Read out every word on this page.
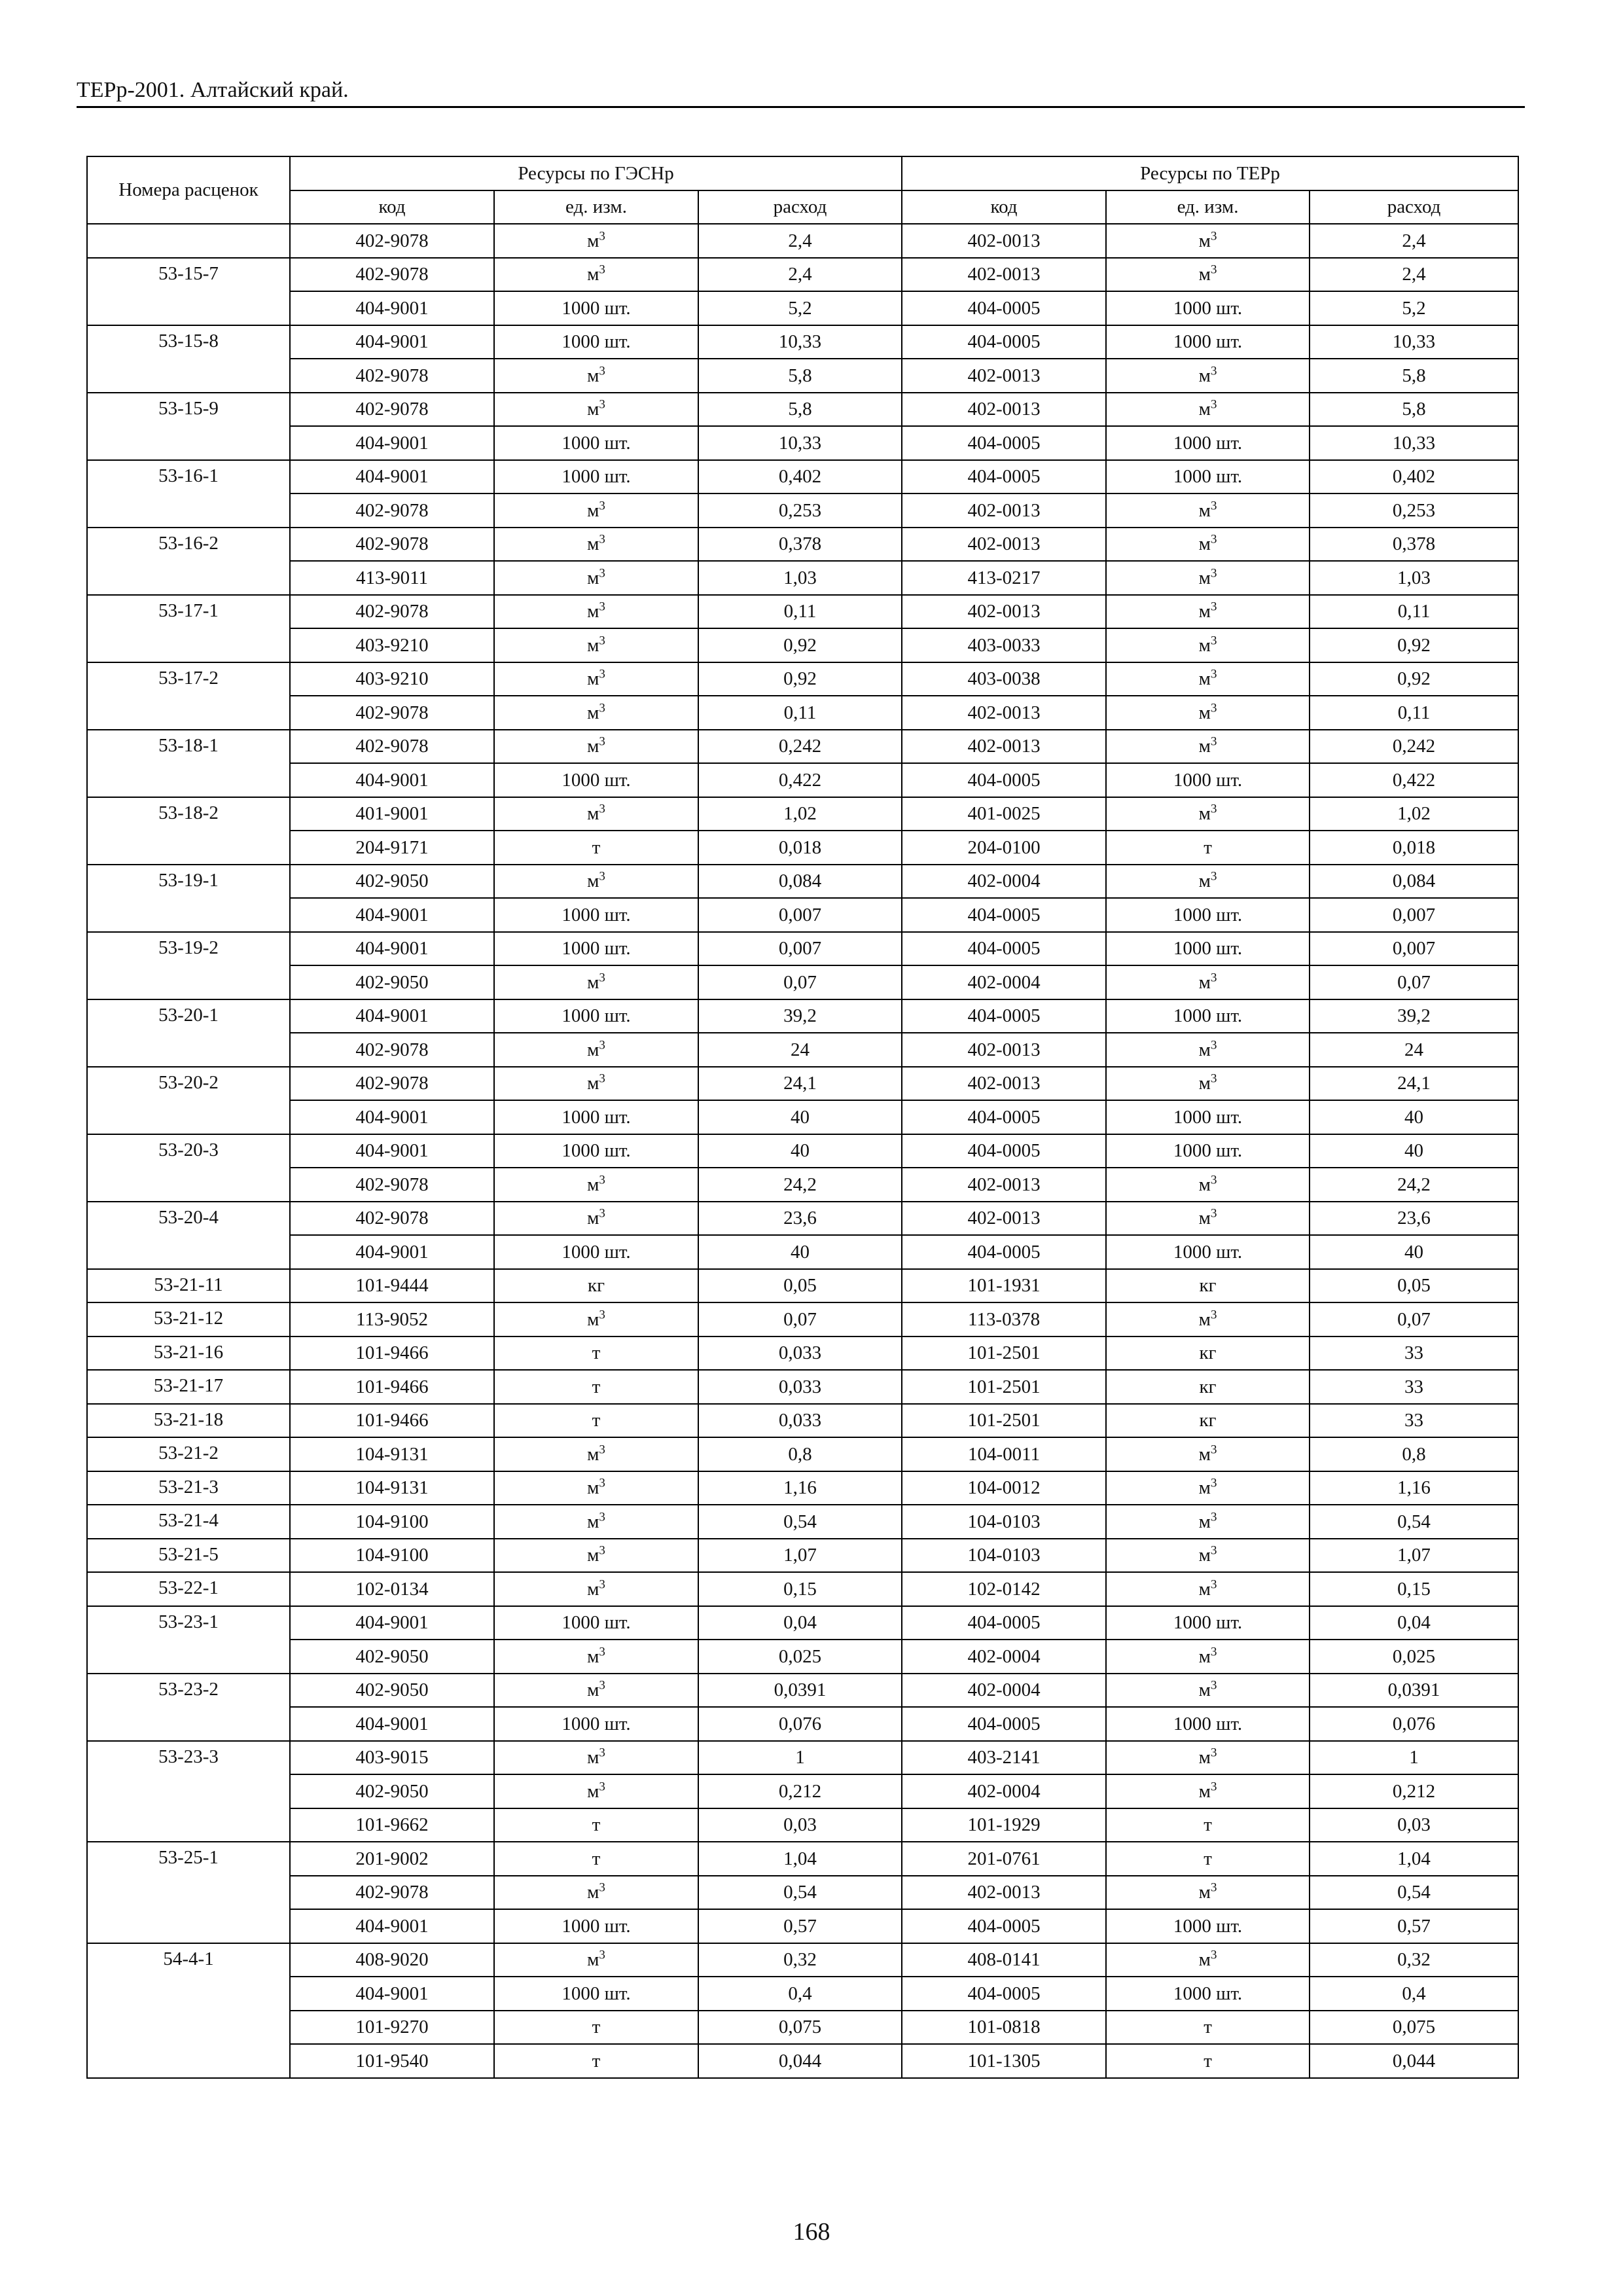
ТЕРр-2001. Алтайский край.
Номера расценок	Ресурсы по ГЭСНр			Ресурсы по ТЕРр		
	код	ед. изм.	расход	код	ед. изм.	расход
	402-9078	$м^3$	2,4	402-0013	$м^3$	2,4
53-15-7	402-9078	$м^3$	2,4	402-0013	$м^3$	2,4
	404-9001	1000 шт.	5,2	404-0005	1000 шт.	5,2
53-15-8	404-9001	1000 шт.	10,33	404-0005	1000 шт.	10,33
	402-9078	$м^3$	5,8	402-0013	$м^3$	5,8
53-15-9	402-9078	$м^3$	5,8	402-0013	$м^3$	5,8
	404-9001	1000 шт.	10,33	404-0005	1000 шт.	10,33
53-16-1	404-9001	1000 шт.	0,402	404-0005	1000 шт.	0,402
	402-9078	$м^3$	0,253	402-0013	$м^3$	0,253
53-16-2	402-9078	$м^3$	0,378	402-0013	$м^3$	0,378
	413-9011	$м^3$	1,03	413-0217	$м^3$	1,03
53-17-1	402-9078	$м^3$	0,11	402-0013	$м^3$	0,11
	403-9210	$м^3$	0,92	403-0033	$м^3$	0,92
53-17-2	403-9210	$м^3$	0,92	403-0038	$м^3$	0,92
	402-9078	$м^3$	0,11	402-0013	$м^3$	0,11
53-18-1	402-9078	$м^3$	0,242	402-0013	$м^3$	0,242
	404-9001	1000 шт.	0,422	404-0005	1000 шт.	0,422
53-18-2	401-9001	$м^3$	1,02	401-0025	$м^3$	1,02
	204-9171	т	0,018	204-0100	т	0,018
53-19-1	402-9050	$м^3$	0,084	402-0004	$м^3$	0,084
	404-9001	1000 шт.	0,007	404-0005	1000 шт.	0,007
53-19-2	404-9001	1000 шт.	0,007	404-0005	1000 шт.	0,007
	402-9050	$м^3$	0,07	402-0004	$м^3$	0,07
53-20-1	404-9001	1000 шт.	39,2	404-0005	1000 шт.	39,2
	402-9078	$м^3$	24	402-0013	$м^3$	24
53-20-2	402-9078	$м^3$	24,1	402-0013	$м^3$	24,1
	404-9001	1000 шт.	40	404-0005	1000 шт.	40
53-20-3	404-9001	1000 шт.	40	404-0005	1000 шт.	40
	402-9078	$м^3$	24,2	402-0013	$м^3$	24,2
53-20-4	402-9078	$м^3$	23,6	402-0013	$м^3$	23,6
	404-9001	1000 шт.	40	404-0005	1000 шт.	40
53-21-11	101-9444	кг	0,05	101-1931	кг	0,05
53-21-12	113-9052	$м^3$	0,07	113-0378	$м^3$	0,07
53-21-16	101-9466	т	0,033	101-2501	кг	33
53-21-17	101-9466	т	0,033	101-2501	кг	33
53-21-18	101-9466	т	0,033	101-2501	кг	33
53-21-2	104-9131	$м^3$	0,8	104-0011	$м^3$	0,8
53-21-3	104-9131	$м^3$	1,16	104-0012	$м^3$	1,16
53-21-4	104-9100	$м^3$	0,54	104-0103	$м^3$	0,54
53-21-5	104-9100	$м^3$	1,07	104-0103	$м^3$	1,07
53-22-1	102-0134	$м^3$	0,15	102-0142	$м^3$	0,15
53-23-1	404-9001	1000 шт.	0,04	404-0005	1000 шт.	0,04
	402-9050	$м^3$	0,025	402-0004	$м^3$	0,025
53-23-2	402-9050	$м^3$	0,0391	402-0004	$м^3$	0,0391
	404-9001	1000 шт.	0,076	404-0005	1000 шт.	0,076
53-23-3	403-9015	$м^3$	1	403-2141	$м^3$	1
	402-9050	$м^3$	0,212	402-0004	$м^3$	0,212
	101-9662	т	0,03	101-1929	т	0,03
53-25-1	201-9002	т	1,04	201-0761	т	1,04
	402-9078	$м^3$	0,54	402-0013	$м^3$	0,54
	404-9001	1000 шт.	0,57	404-0005	1000 шт.	0,57
54-4-1	408-9020	$м^3$	0,32	408-0141	$м^3$	0,32
	404-9001	1000 шт.	0,4	404-0005	1000 шт.	0,4
	101-9270	т	0,075	101-0818	т	0,075
	101-9540	т	0,044	101-1305	т	0,044
168
